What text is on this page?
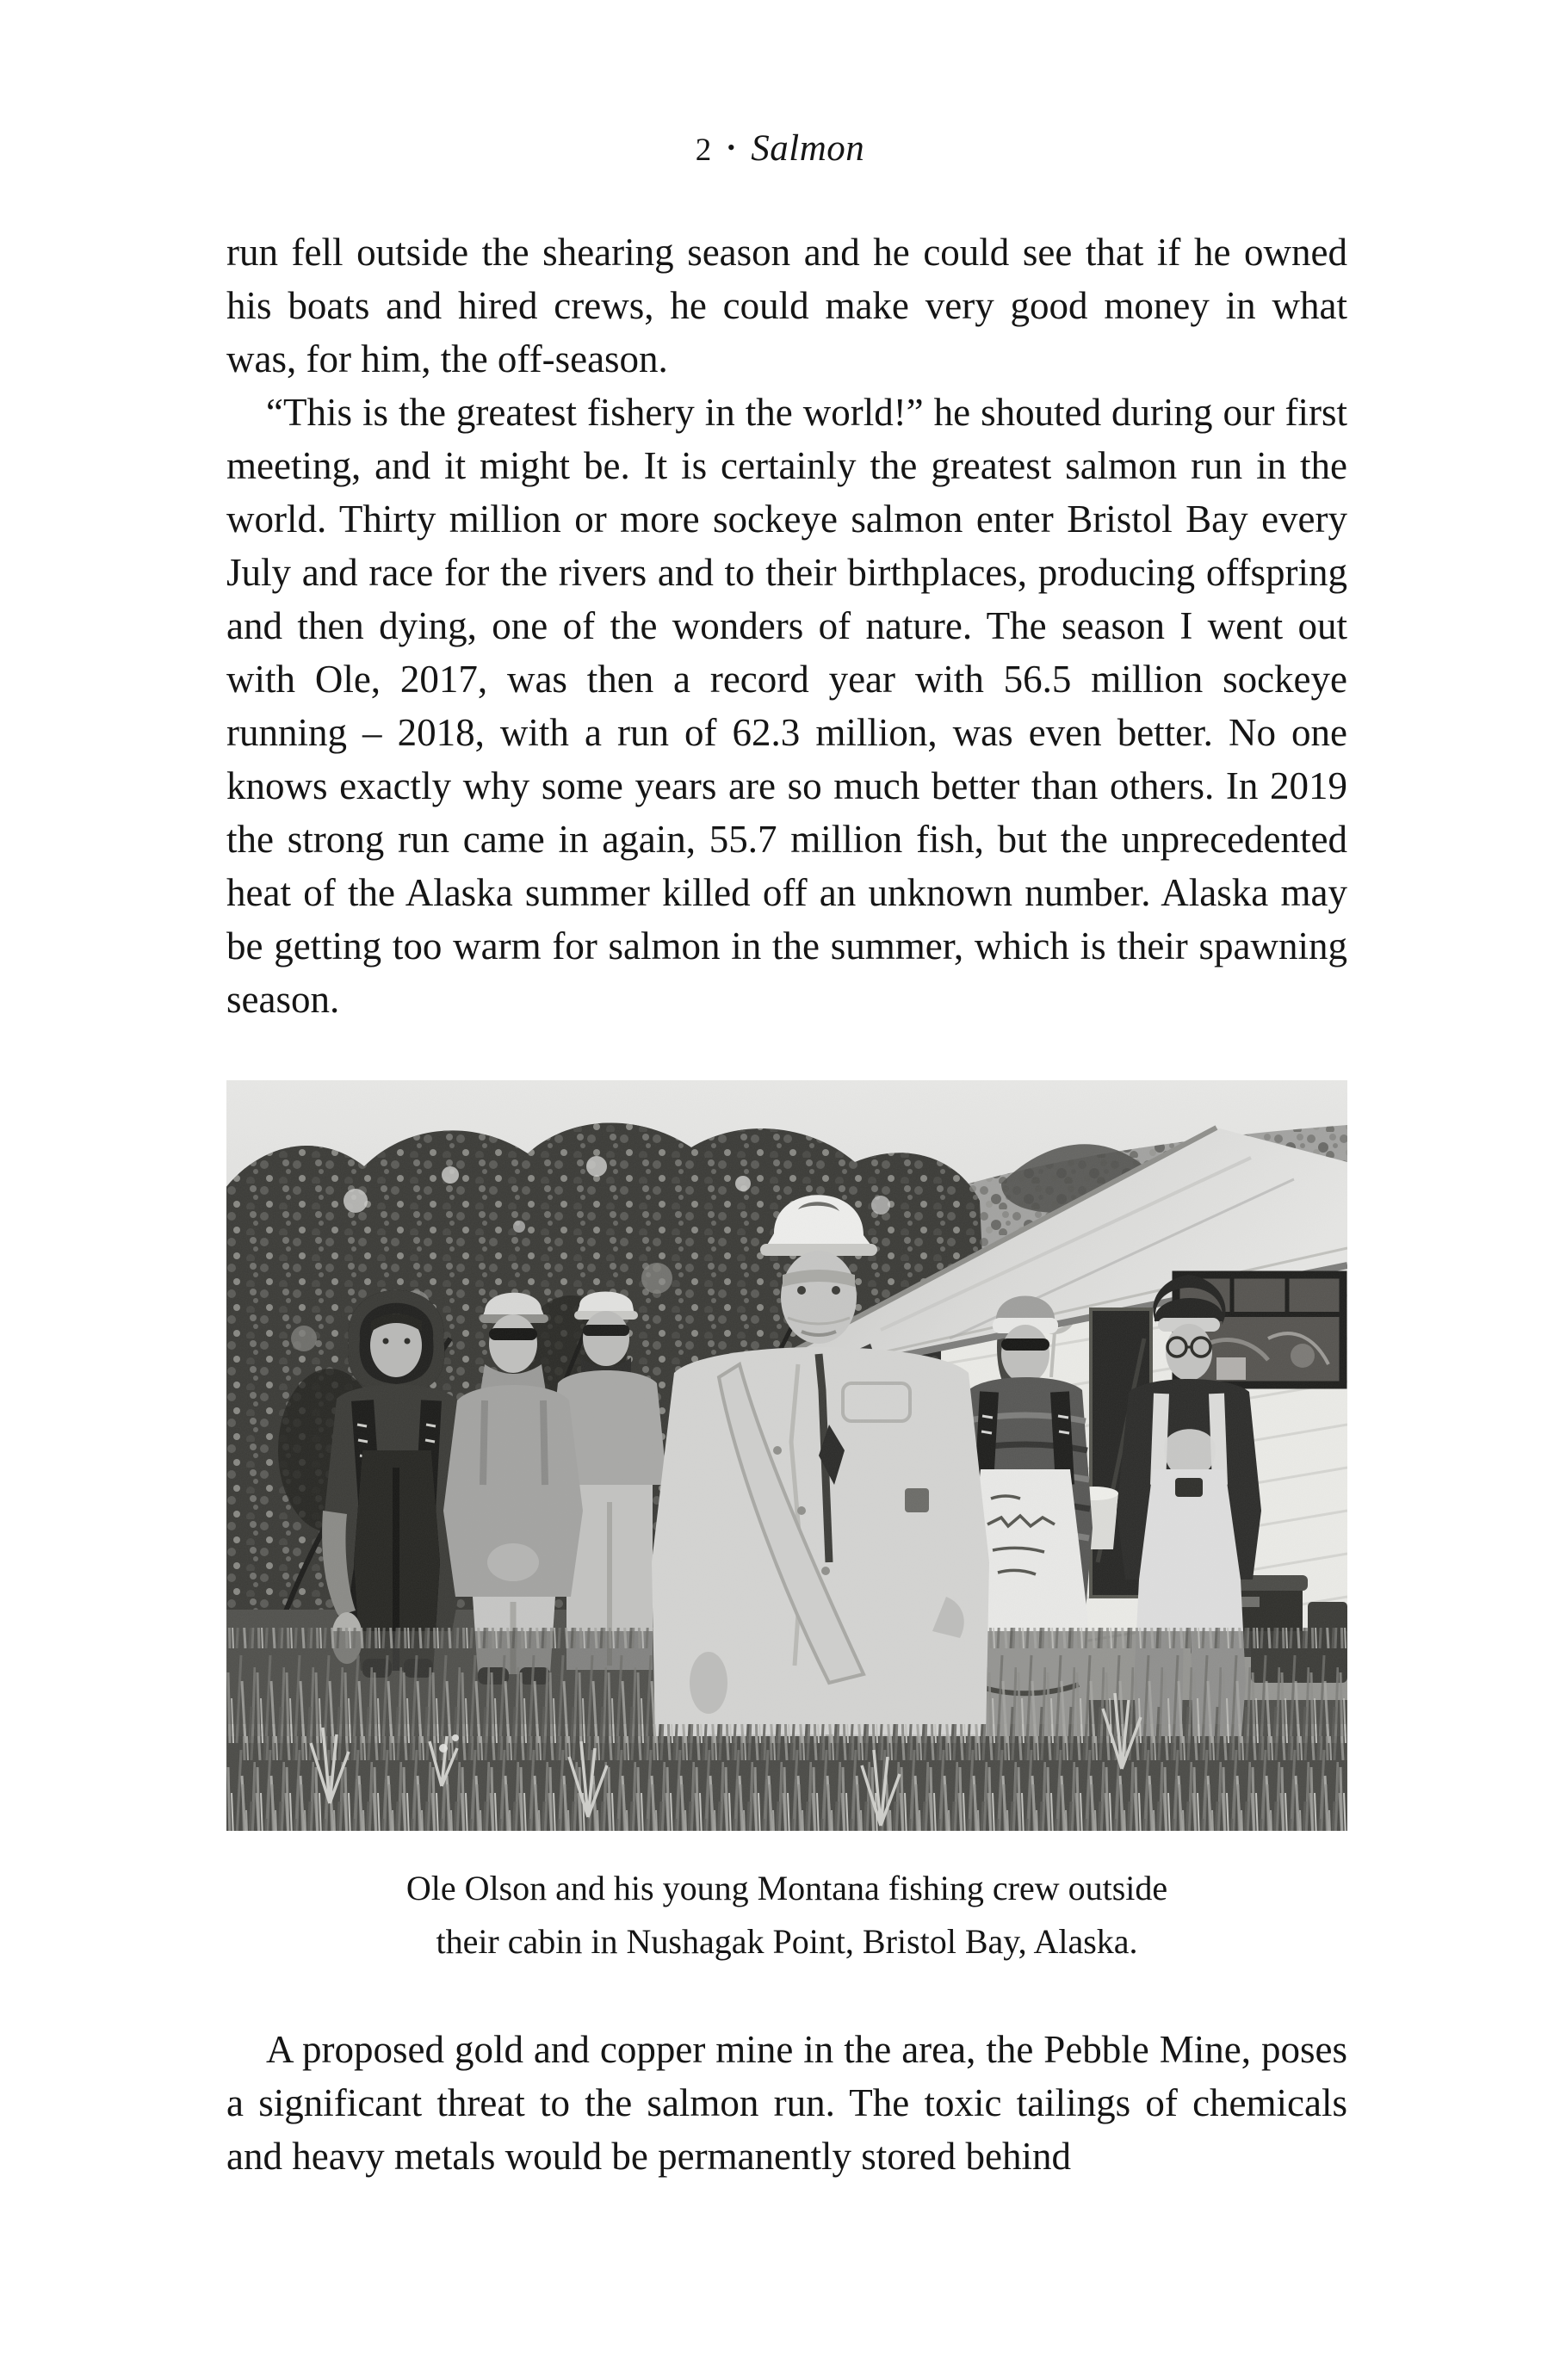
2 • Salmon

run fell outside the shearing season and he could see that if he owned his boats and hired crews, he could make very good money in what was, for him, the off-season.

“This is the greatest fishery in the world!” he shouted during our first meeting, and it might be. It is certainly the greatest salmon run in the world. Thirty million or more sockeye salmon enter Bristol Bay every July and race for the rivers and to their birthplaces, producing offspring and then dying, one of the wonders of nature. The season I went out with Ole, 2017, was then a record year with 56.5 million sockeye running – 2018, with a run of 62.3 million, was even better. No one knows exactly why some years are so much better than others. In 2019 the strong run came in again, 55.7 million fish, but the unprecedented heat of the Alaska summer killed off an unknown number. Alaska may be getting too warm for salmon in the summer, which is their spawning season.

Ole Olson and his young Montana fishing crew outside
their cabin in Nushagak Point, Bristol Bay, Alaska.

A proposed gold and copper mine in the area, the Pebble Mine, poses a significant threat to the salmon run. The toxic tailings of chemicals and heavy metals would be permanently stored behind
